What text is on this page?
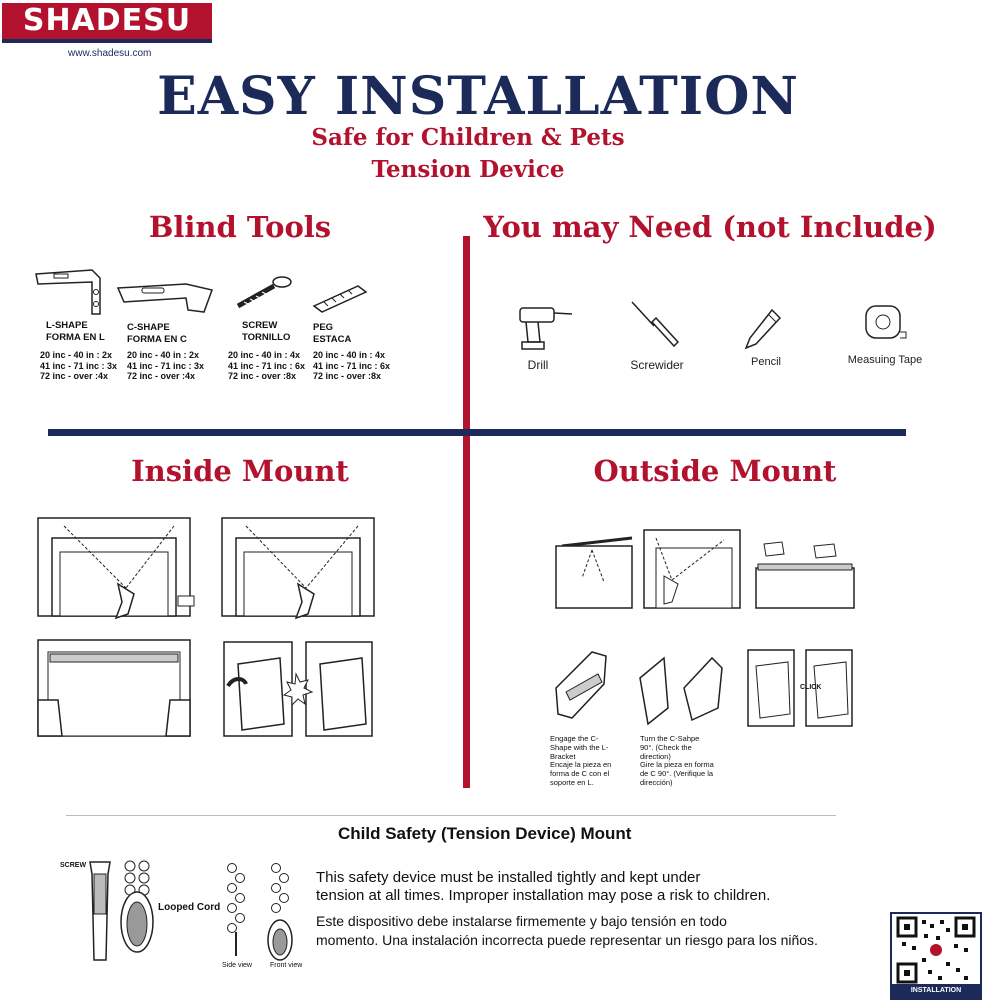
SHADESU
www.shadesu.com
EASY INSTALLATION
Safe for Children & Pets
Tension Device
Blind Tools
L-SHAPE
FORMA EN L
20 inc - 40 in : 2x
41 inc - 71 inc : 3x
72 inc - over :4x
C-SHAPE
FORMA EN C
20 inc - 40 in : 2x
41 inc - 71 inc : 3x
72 inc - over :4x
SCREW
TORNILLO
20 inc - 40 in : 4x
41 inc - 71 inc : 6x
72 inc - over :8x
PEG
ESTACA
20 inc - 40 in : 4x
41 inc - 71 inc : 6x
72 inc - over :8x
You may Need (not Include)
Drill	Screwider	Pencil	Measuing Tape
Inside Mount	Outside Mount
CLICK
Engage the C-Shape with the L-Bracket
Encaje la pieza en forma de C con el soporte en L.
Turn the C-Sahpe 90°. (Check the direction)
Gire la pieza en forma de C 90°. (Verifique la dirección)
Child Safety (Tension Device) Mount
SCREW
Looped Cord
Side view	Front view
This safety device must be installed tightly and kept under
tension at all times. Improper installation may pose a risk to children.
Este dispositivo debe instalarse firmemente y bajo tensión en todo
momento. Una instalación incorrecta puede representar un riesgo para los niños.
INSTALLATION
